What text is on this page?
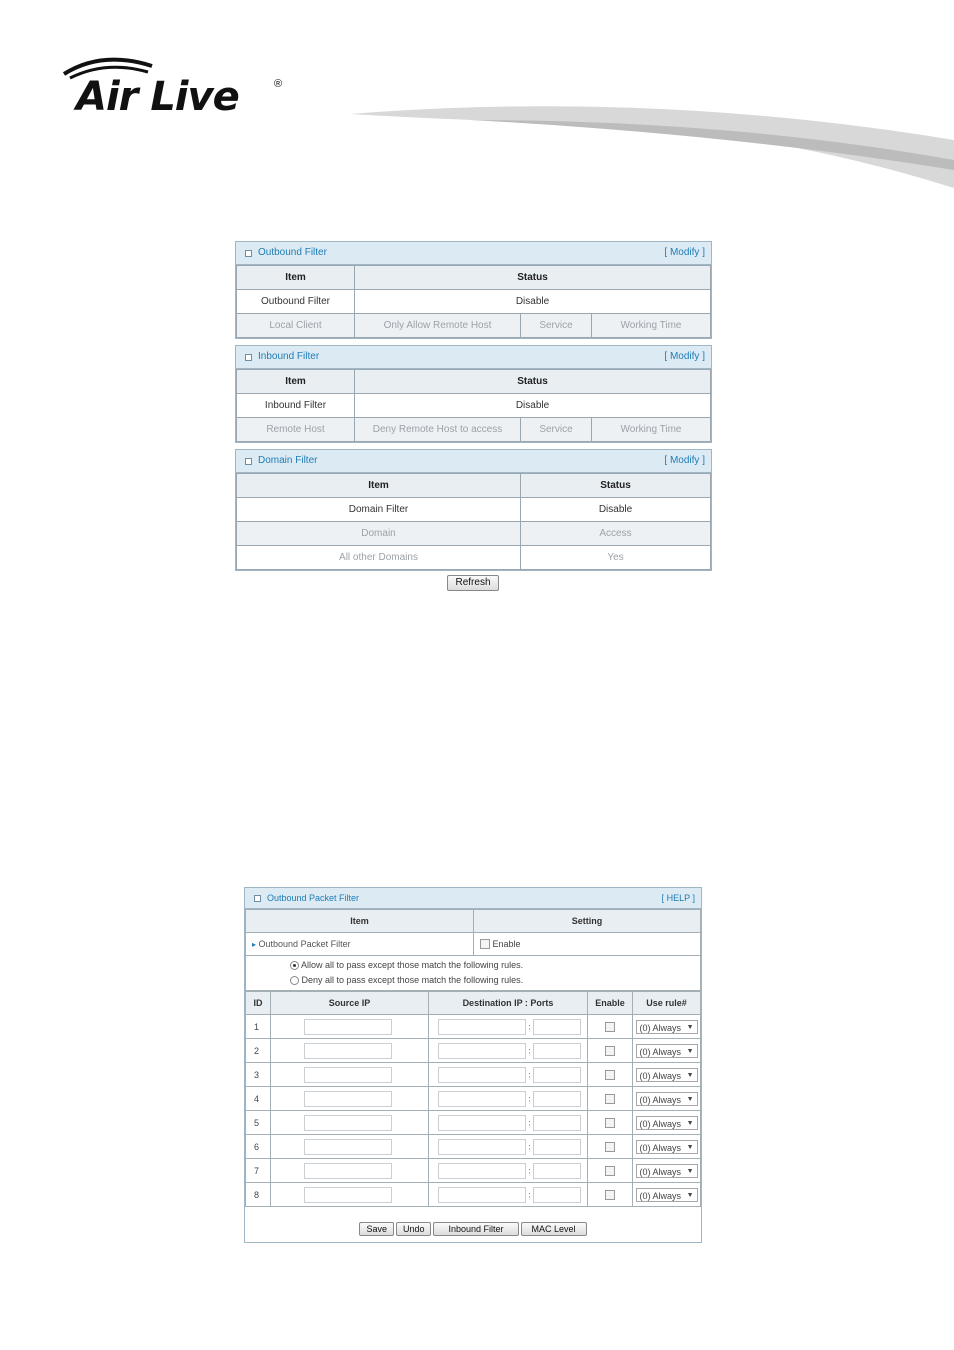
Air Live	®
Outbound Filter	[ Modify ]
Item	Status		
Outbound Filter	Disable		
Local Client	Only Allow Remote Host	Service	Working Time
Inbound Filter	[ Modify ]
Item	Status		
Inbound Filter	Disable		
Remote Host	Deny Remote Host to access	Service	Working Time
Domain Filter	[ Modify ]
Item	Status
Domain Filter	Disable
Domain	Access
All other Domains	Yes
Refresh
Outbound Packet Filter	[ HELP ]
Item	Setting
▸ Outbound Packet Filter	Enable

Allow all to pass except those match the following rules.
Deny all to pass except those match the following rules.	
ID	Source IP	Destination IP : Ports	Enable	Use rule#
1		:		(0) Always ▼

2		:		(0) Always ▼

3		:		(0) Always ▼

4		:		(0) Always ▼

5		:		(0) Always ▼

6		:		(0) Always ▼

7		:		(0) Always ▼

8		:		(0) Always ▼
Save Undo	Inbound Filter	MAC Level
